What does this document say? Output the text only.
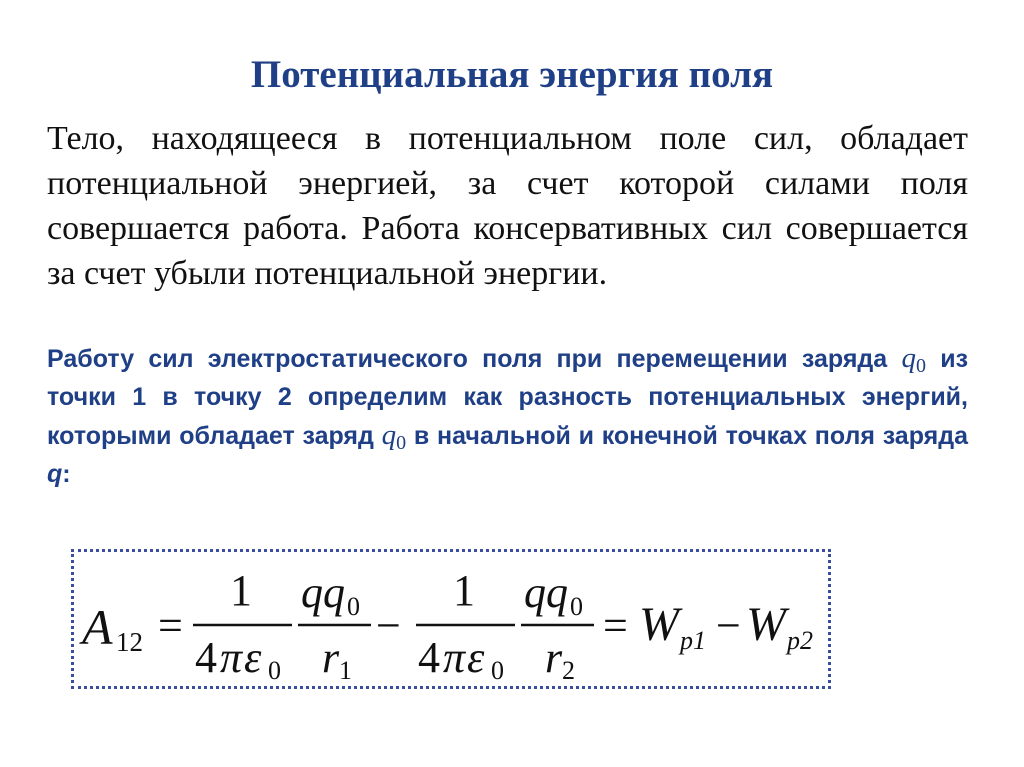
Потенциальная энергия поля

Тело, находящееся в потенциальном поле сил, обладает потенциальной энергией, за счет которой силами поля совершается работа. Работа консервативных сил совершается за счет убыли потенциальной энергии.

Работу сил электростатического поля при перемещении заряда $q_0$ из точки 1 в точку 2 определим как разность потенциальных энергий, которыми обладает заряд $q_0$ в начальной и конечной точках поля заряда q:

A 12 =
1
4 π ε 0
qq 0
r 1
−
1
4 π ε 0
qq 0
r 2
= W p1 − W p2
